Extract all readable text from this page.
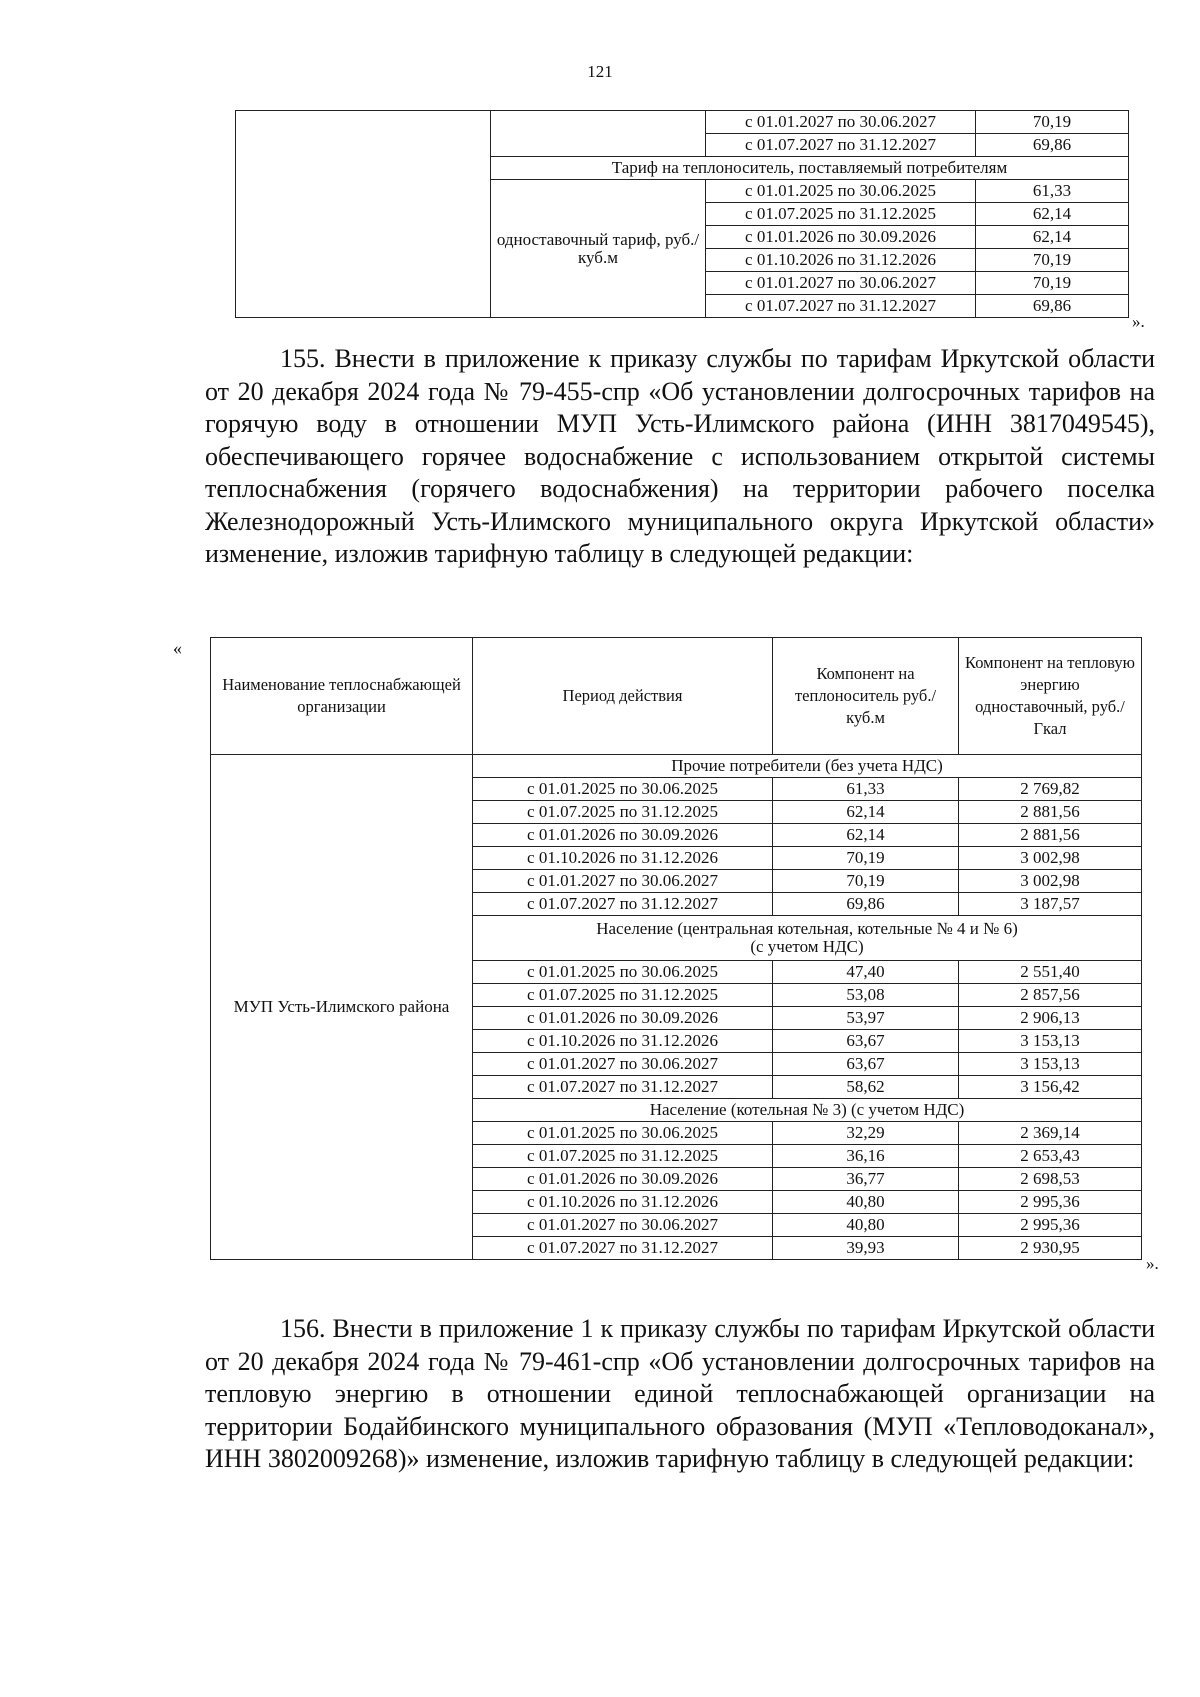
121
		с 01.01.2027 по 30.06.2027	70,19
		с 01.07.2027 по 31.12.2027	69,86
	Тариф на теплоноситель, поставляемый потребителям		
	одноставочный тариф, руб./куб.м	с 01.01.2025 по 30.06.2025	61,33
		с 01.07.2025 по 31.12.2025	62,14
		с 01.01.2026 по 30.09.2026	62,14
		с 01.10.2026 по 31.12.2026	70,19
		с 01.01.2027 по 30.06.2027	70,19
		с 01.07.2027 по 31.12.2027	69,86
».
155. Внести в приложение к приказу службы по тарифам Иркутской области от 20 декабря 2024 года № 79-455-спр «Об установлении долгосрочных тарифов на горячую воду в отношении МУП Усть-Илимского района (ИНН 3817049545), обеспечивающего горячее водоснабжение с использованием открытой системы теплоснабжения (горячего водоснабжения) на территории рабочего поселка Железнодорожный Усть-Илимского муниципального округа Иркутской области» изменение, изложив тарифную таблицу в следующей редакции:
«
Наименование теплоснабжающей организации	Период действия	Компонент на теплоноситель руб./куб.м	Компонент на тепловую энергию одноставочный, руб./Гкал
МУП Усть-Илимского района	Прочие потребители (без учета НДС)		
	с 01.01.2025 по 30.06.2025	61,33	2 769,82
	с 01.07.2025 по 31.12.2025	62,14	2 881,56
	с 01.01.2026 по 30.09.2026	62,14	2 881,56
	с 01.10.2026 по 31.12.2026	70,19	3 002,98
	с 01.01.2027 по 30.06.2027	70,19	3 002,98
	с 01.07.2027 по 31.12.2027	69,86	3 187,57

	Население (центральная котельная, котельные № 4 и № 6)
(с учетом НДС)		

	с 01.01.2025 по 30.06.2025	47,40	2 551,40
	с 01.07.2025 по 31.12.2025	53,08	2 857,56
	с 01.01.2026 по 30.09.2026	53,97	2 906,13
	с 01.10.2026 по 31.12.2026	63,67	3 153,13
	с 01.01.2027 по 30.06.2027	63,67	3 153,13
	с 01.07.2027 по 31.12.2027	58,62	3 156,42
	Население (котельная № 3) (с учетом НДС)		
	с 01.01.2025 по 30.06.2025	32,29	2 369,14
	с 01.07.2025 по 31.12.2025	36,16	2 653,43
	с 01.01.2026 по 30.09.2026	36,77	2 698,53
	с 01.10.2026 по 31.12.2026	40,80	2 995,36
	с 01.01.2027 по 30.06.2027	40,80	2 995,36
	с 01.07.2027 по 31.12.2027	39,93	2 930,95
».
156. Внести в приложение 1 к приказу службы по тарифам Иркутской области от 20 декабря 2024 года № 79-461-спр «Об установлении долгосрочных тарифов на тепловую энергию в отношении единой теплоснабжающей организации на территории Бодайбинского муниципального образования (МУП «Тепловодоканал», ИНН 3802009268)» изменение, изложив тарифную таблицу в следующей редакции:
